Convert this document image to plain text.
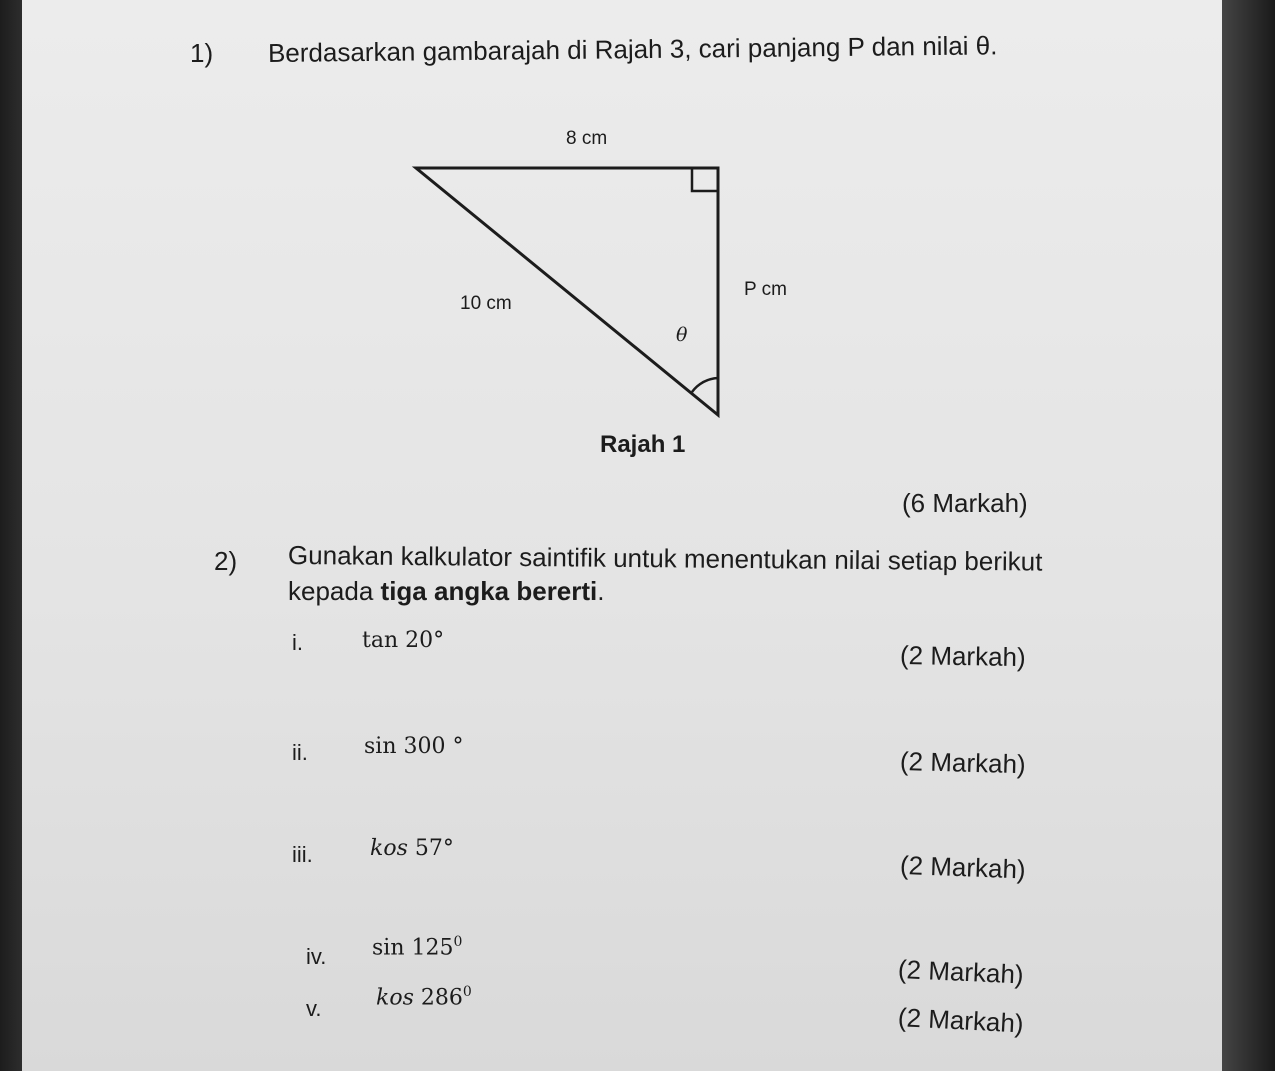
1) Berdasarkan gambarajah di Rajah 3, cari panjang P dan nilai θ.
8 cm
10 cm
P cm
θ
Rajah 1
(6 Markah)
2) Gunakan kalkulator saintifik untuk menentukan nilai setiap berikut
kepada tiga angka bererti.
i.	tan 20°	(2 Markah)
ii.	sin 300 °	(2 Markah)
iii.	kos 57°
(2 Markah)
iv. $\sin 125^0$
(2 Markah)
v. kos $286^0$
(2 Markah)
